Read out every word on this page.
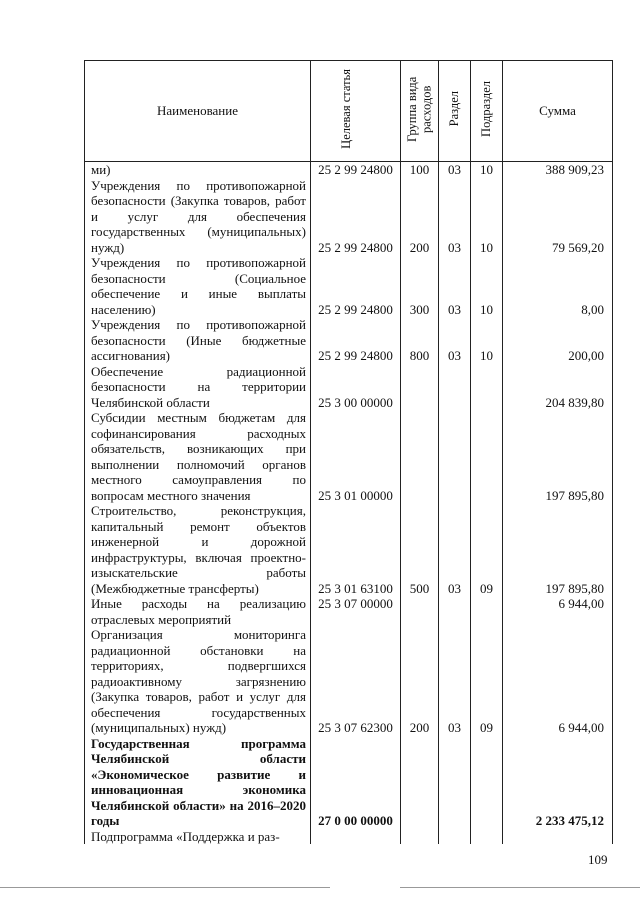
Наименование	Целевая статья	Группа вида расходов	Раздел	Подраздел	Сумма
ми)	25 2 99 24800	100	03	10	388 909,23
Учреждения по противопожарной безопасности (Закупка товаров, работ и услуг для обеспечения государственных (муниципальных) нужд)	25 2 99 24800	200	03	10	79 569,20
Учреждения по противопожарной безопасности (Социальное обеспечение и иные выплаты населению)	25 2 99 24800	300	03	10	8,00
Учреждения по противопожарной безопасности (Иные бюджетные ассигнования)	25 2 99 24800	800	03	10	200,00
Обеспечение радиационной безопасности на территории Челябинской области	25 3 00 00000				204 839,80
Субсидии местным бюджетам для софинансирования расходных обязательств, возникающих при выполнении полномочий органов местного самоуправления по вопросам местного значения	25 3 01 00000				197 895,80
Строительство, реконструкция, капитальный ремонт объектов инженерной и дорожной инфраструктуры, включая проектно-изыскательские работы (Межбюджетные трансферты)	25 3 01 63100	500	03	09	197 895,80
Иные расходы на реализацию отраслевых мероприятий	25 3 07 00000				6 944,00
Организация мониторинга радиационной обстановки на территориях, подвергшихся радиоактивному загрязнению (Закупка товаров, работ и услуг для обеспечения государственных (муниципальных) нужд)	25 3 07 62300	200	03	09	6 944,00
Государственная программа Челябинской области «Экономическое развитие и инновационная экономика Челябинской области» на 2016–2020 годы	27 0 00 00000				2 233 475,12
Подпрограмма «Поддержка и раз-					
109
